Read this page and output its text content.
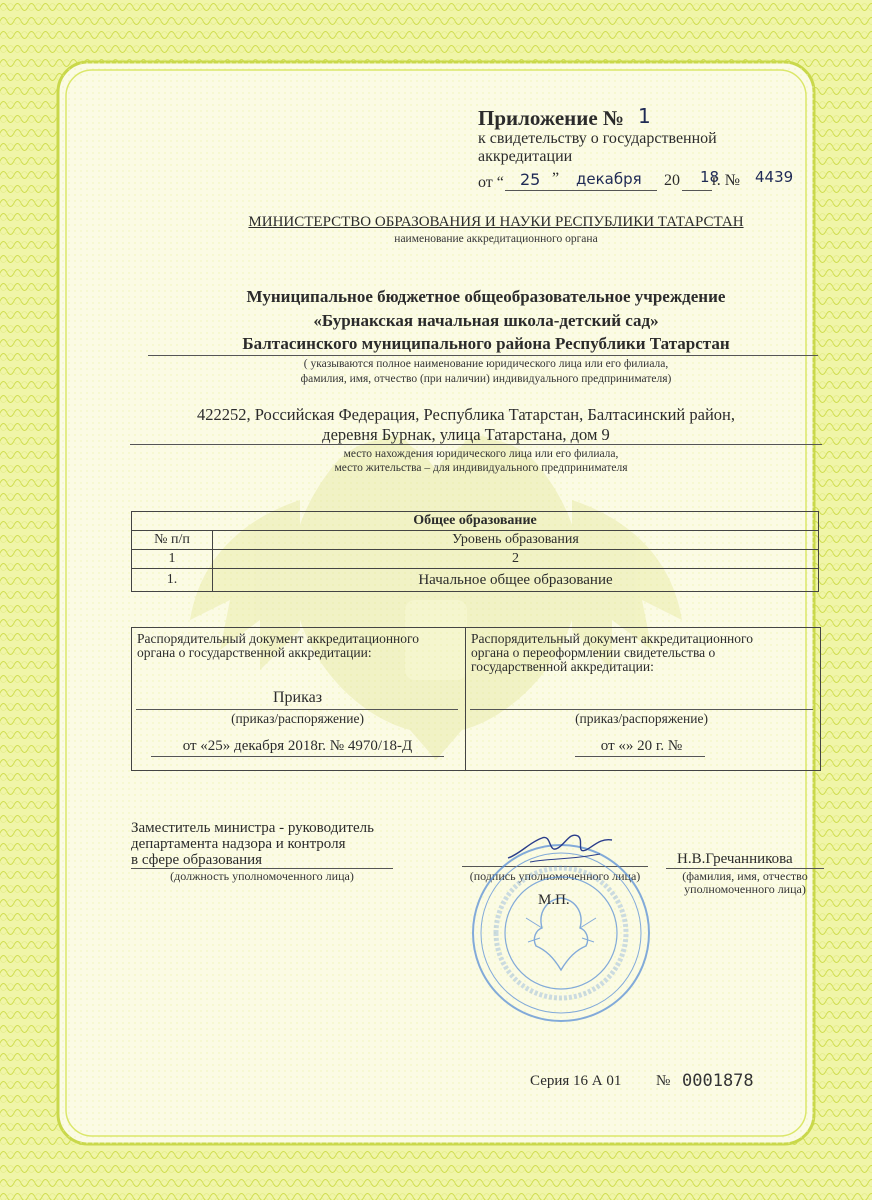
Приложение № 1
к свидетельству о государственной
аккредитации
от “ 25 ” декабря 20 18
г. № 4439
МИНИСТЕРСТВО ОБРАЗОВАНИЯ И НАУКИ РЕСПУБЛИКИ ТАТАРСТАН
наименование аккредитационного органа
Муниципальное бюджетное общеобразовательное учреждение
«Бурнакская начальная школа-детский сад»
Балтасинского муниципального района Республики Татарстан
( указываются полное наименование юридического лица или его филиала,
фамилия, имя, отчество (при наличии) индивидуального предпринимателя)
422252, Российская Федерация, Республика Татарстан, Балтасинский район,
деревня Бурнак, улица Татарстана, дом 9
место нахождения юридического лица или его филиала,
место жительства – для индивидуального предпринимателя
Общее образование	
№ п/п	Уровень образования
1	2
1.	Начальное общее образование
Распорядительный документ аккредитационного
органа о государственной аккредитации:
Приказ
(приказ/распоряжение)
от «25» декабря 2018г. № 4970/18-Д
Распорядительный документ аккредитационного
органа о переоформлении свидетельства о
государственной аккредитации:
(приказ/распоряжение)
от «» 20 г. №
Заместитель министра - руководитель
департамента надзора и контроля
в сфере образования
(должность уполномоченного лица)	(подпись уполномоченного лица)
Н.В.Гречанникова
(фамилия, имя, отчество
уполномоченного лица)
М.П.
Серия 16 А 01 № 0001878
